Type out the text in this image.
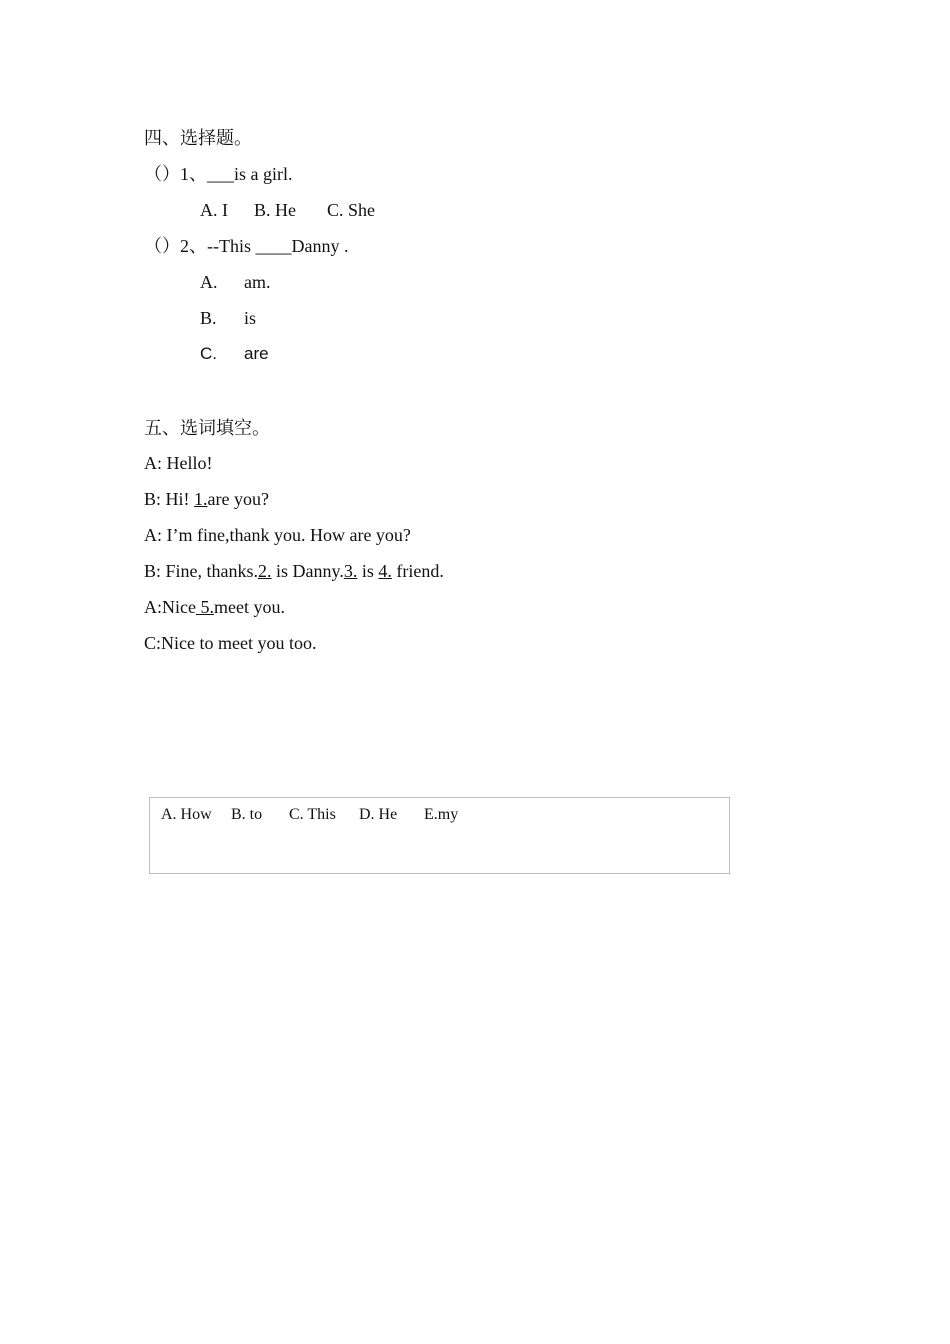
四、选择题。
（）1、___is a girl.
A. I B. He C. She
（）2、--This ____Danny .
A. am.
B. is
C. are
五、选词填空。
A: Hello!
B: Hi! 1.are you?
A: I’m fine,thank you. How are you?
B: Fine, thanks.2. is Danny.3. is 4. friend.
A:Nice 5.meet you.
C:Nice to meet you too.
A. How B. to C. This D. He E.my
